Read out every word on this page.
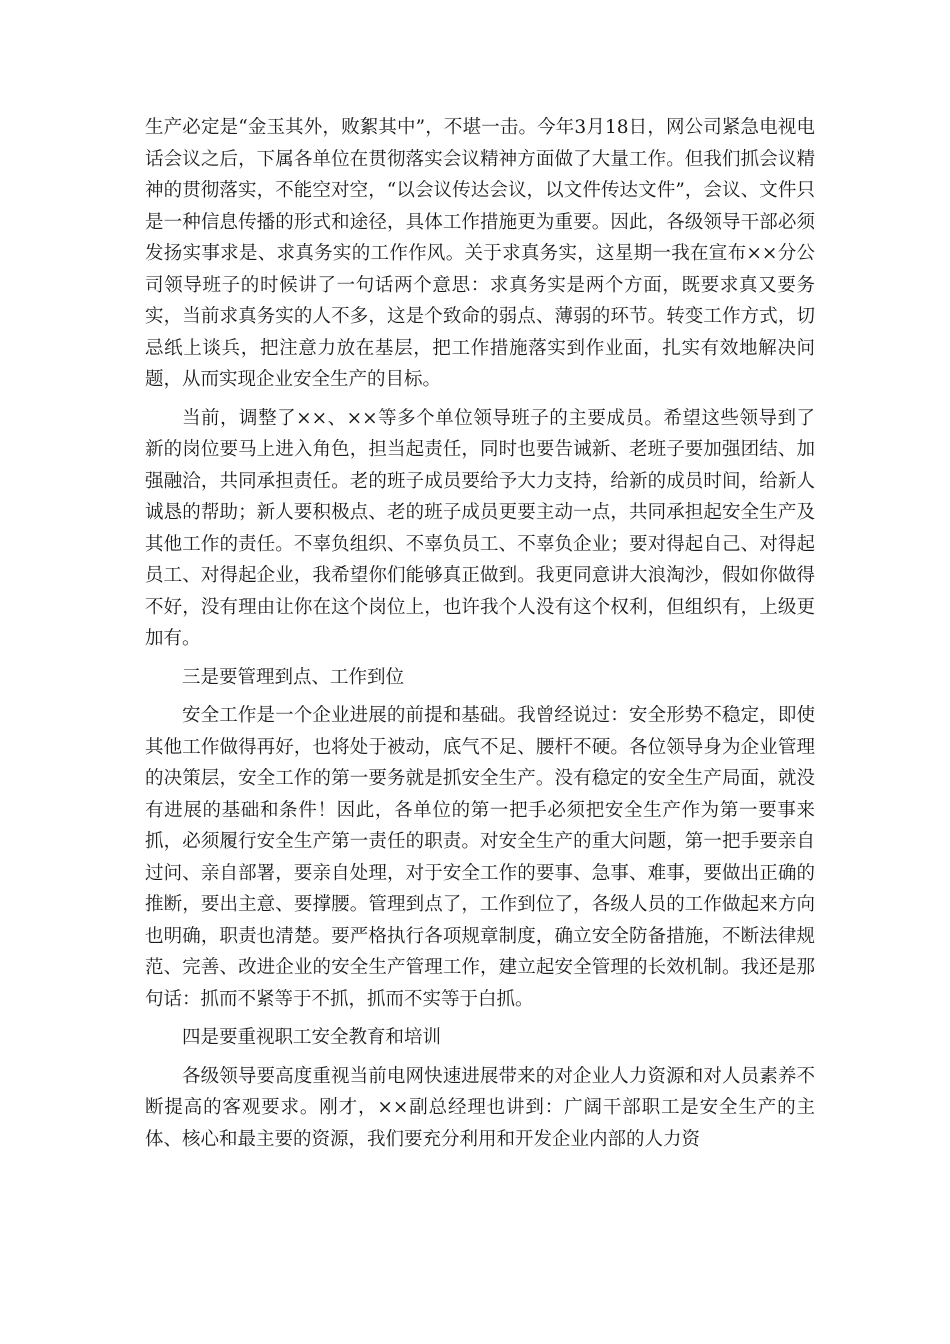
生产必定是“金玉其外，败絮其中”，不堪一击。今年3月18日，网公司紧急电视电话会议之后，下属各单位在贯彻落实会议精神方面做了大量工作。但我们抓会议精神的贯彻落实，不能空对空，“以会议传达会议，以文件传达文件”，会议、文件只是一种信息传播的形式和途径，具体工作措施更为重要。因此，各级领导干部必须发扬实事求是、求真务实的工作作风。关于求真务实，这星期一我在宣布××分公司领导班子的时候讲了一句话两个意思：求真务实是两个方面，既要求真又要务实，当前求真务实的人不多，这是个致命的弱点、薄弱的环节。转变工作方式，切忌纸上谈兵，把注意力放在基层，把工作措施落实到作业面，扎实有效地解决问题，从而实现企业安全生产的目标。

当前，调整了××、××等多个单位领导班子的主要成员。希望这些领导到了新的岗位要马上进入角色，担当起责任，同时也要告诫新、老班子要加强团结、加强融洽，共同承担责任。老的班子成员要给予大力支持，给新的成员时间，给新人诚恳的帮助；新人要积极点、老的班子成员更要主动一点，共同承担起安全生产及其他工作的责任。不辜负组织、不辜负员工、不辜负企业；要对得起自己、对得起员工、对得起企业，我希望你们能够真正做到。我更同意讲大浪淘沙，假如你做得不好，没有理由让你在这个岗位上，也许我个人没有这个权利，但组织有，上级更加有。

三是要管理到点、工作到位

安全工作是一个企业进展的前提和基础。我曾经说过：安全形势不稳定，即使其他工作做得再好，也将处于被动，底气不足、腰杆不硬。各位领导身为企业管理的决策层，安全工作的第一要务就是抓安全生产。没有稳定的安全生产局面，就没有进展的基础和条件！因此，各单位的第一把手必须把安全生产作为第一要事来抓，必须履行安全生产第一责任的职责。对安全生产的重大问题，第一把手要亲自过问、亲自部署，要亲自处理，对于安全工作的要事、急事、难事，要做出正确的推断，要出主意、要撑腰。管理到点了，工作到位了，各级人员的工作做起来方向也明确，职责也清楚。要严格执行各项规章制度，确立安全防备措施，不断法律规范、完善、改进企业的安全生产管理工作，建立起安全管理的长效机制。我还是那句话：抓而不紧等于不抓，抓而不实等于白抓。

四是要重视职工安全教育和培训

各级领导要高度重视当前电网快速进展带来的对企业人力资源和对人员素养不断提高的客观要求。刚才，××副总经理也讲到：广阔干部职工是安全生产的主体、核心和最主要的资源，我们要充分利用和开发企业内部的人力资
